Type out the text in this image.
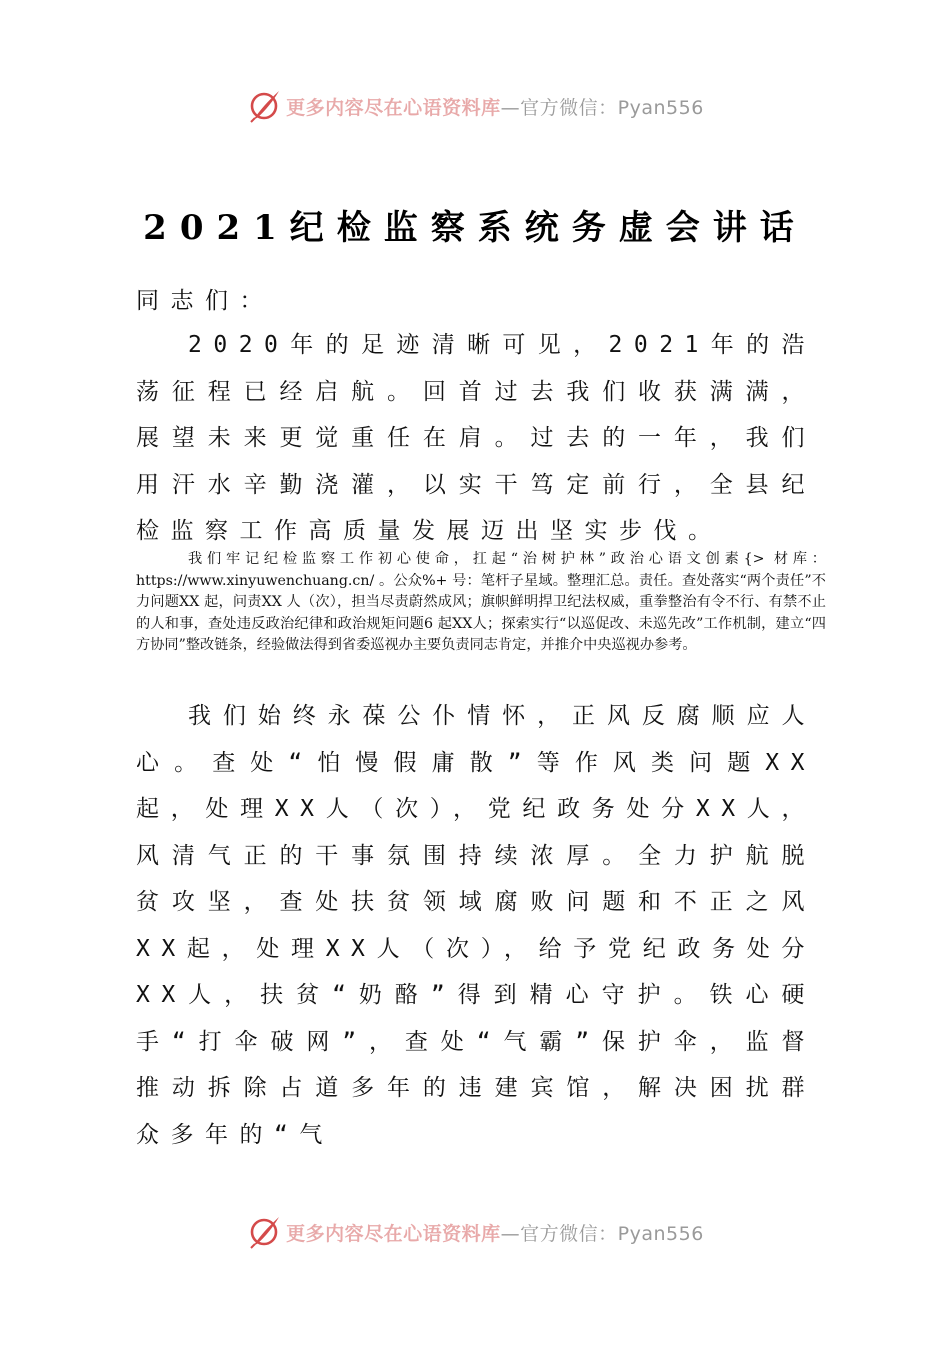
更多内容尽在心语资料库—官方微信：Pyan556
2021纪检监察系统务虚会讲话
同志们：
2020年的足迹清晰可见，2021年的浩荡征程已经启航。回首过去我们收获满满，展望未来更觉重任在肩。过去的一年，我们用汗水辛勤浇灌，以实干笃定前行，全县纪检监察工作高质量发展迈出坚实步伐。
我们牢记纪检监察工作初心使命，扛起“治树护林”政治心语文创素{> 材库：https://www.xinyuwenchuang.cn/ 。公众%+ 号：笔杆子星域。整理汇总。责任。查处落实“两个责任”不力问题XX 起，问责XX 人（次），担当尽责蔚然成风；旗帜鲜明捍卫纪法权威，重拳整治有令不行、有禁不止的人和事，查处违反政治纪律和政治规矩问题6 起XX人；探索实行“以巡促改、未巡先改”工作机制，建立“四方协同”整改链条，经验做法得到省委巡视办主要负责同志肯定，并推介中央巡视办参考。
我们始终永葆公仆情怀，正风反腐顺应人心。查处“怕慢假庸散”等作风类问题XX起，处理XX人（次），党纪政务处分XX人，风清气正的干事氛围持续浓厚。全力护航脱贫攻坚，查处扶贫领域腐败问题和不正之风XX起，处理XX人（次），给予党纪政务处分XX人，扶贫“奶酪”得到精心守护。铁心硬手“打伞破网”，查处“气霸”保护伞，监督推动拆除占道多年的违建宾馆，解决困扰群众多年的“气
更多内容尽在心语资料库—官方微信：Pyan556
